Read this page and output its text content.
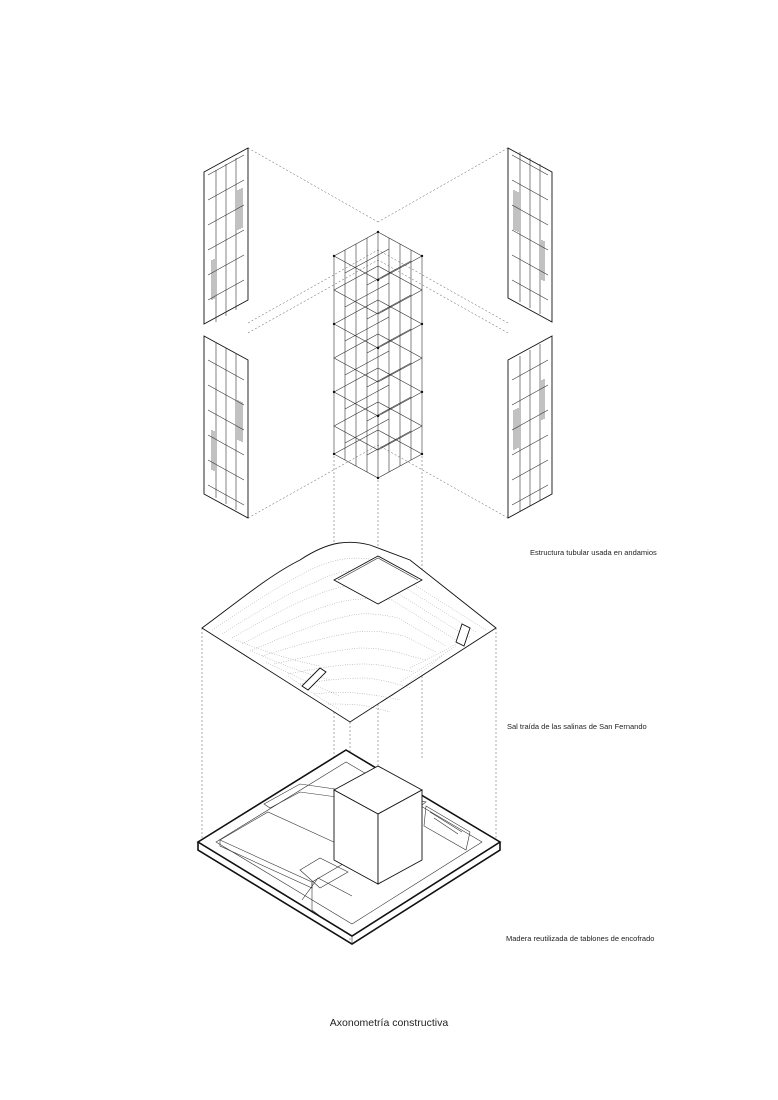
Estructura tubular usada en andamios
Sal traída de las salinas de San Fernando
Madera reutilizada de tablones de encofrado
Axonometría constructiva
